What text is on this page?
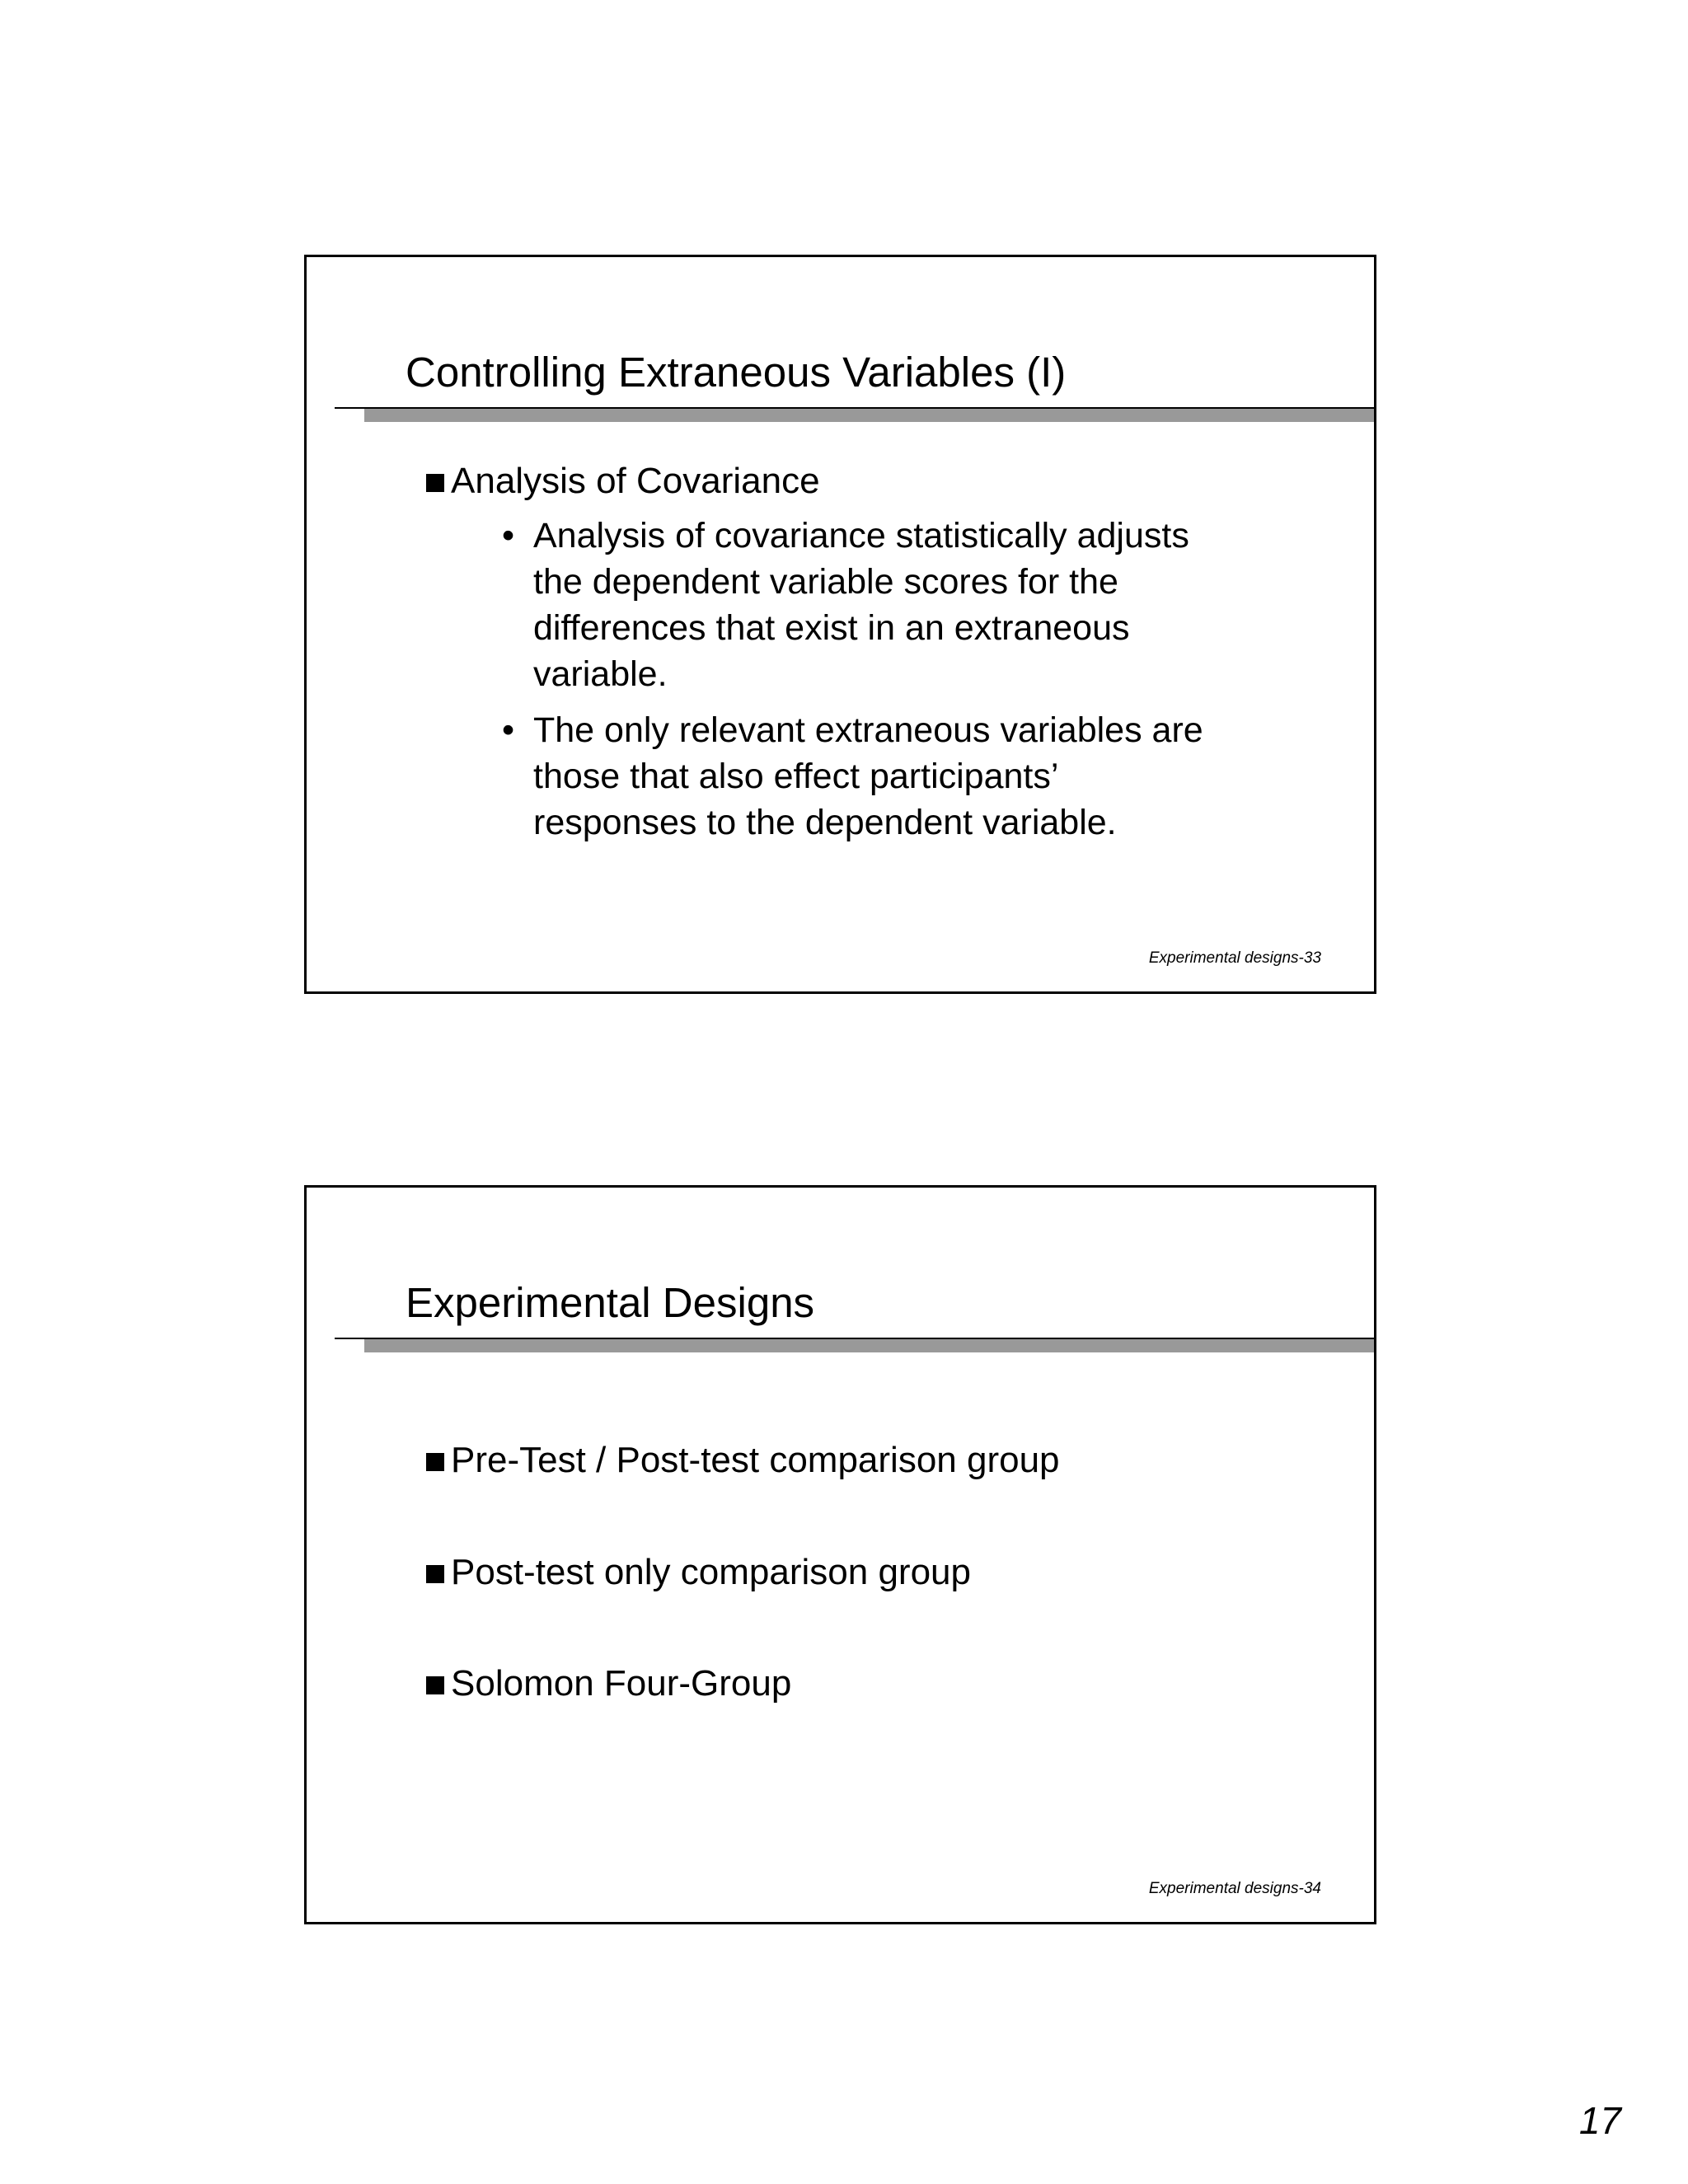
Controlling Extraneous Variables (I)
Analysis of Covariance
• Analysis of covariance statistically adjusts
the dependent variable scores for the
differences that exist in an extraneous
variable.
• The only relevant extraneous variables are
those that also effect participants’
responses to the dependent variable.
Experimental designs-33
Experimental Designs
Pre-Test / Post-test comparison group
Post-test only comparison group
Solomon Four-Group
Experimental designs-34
17
